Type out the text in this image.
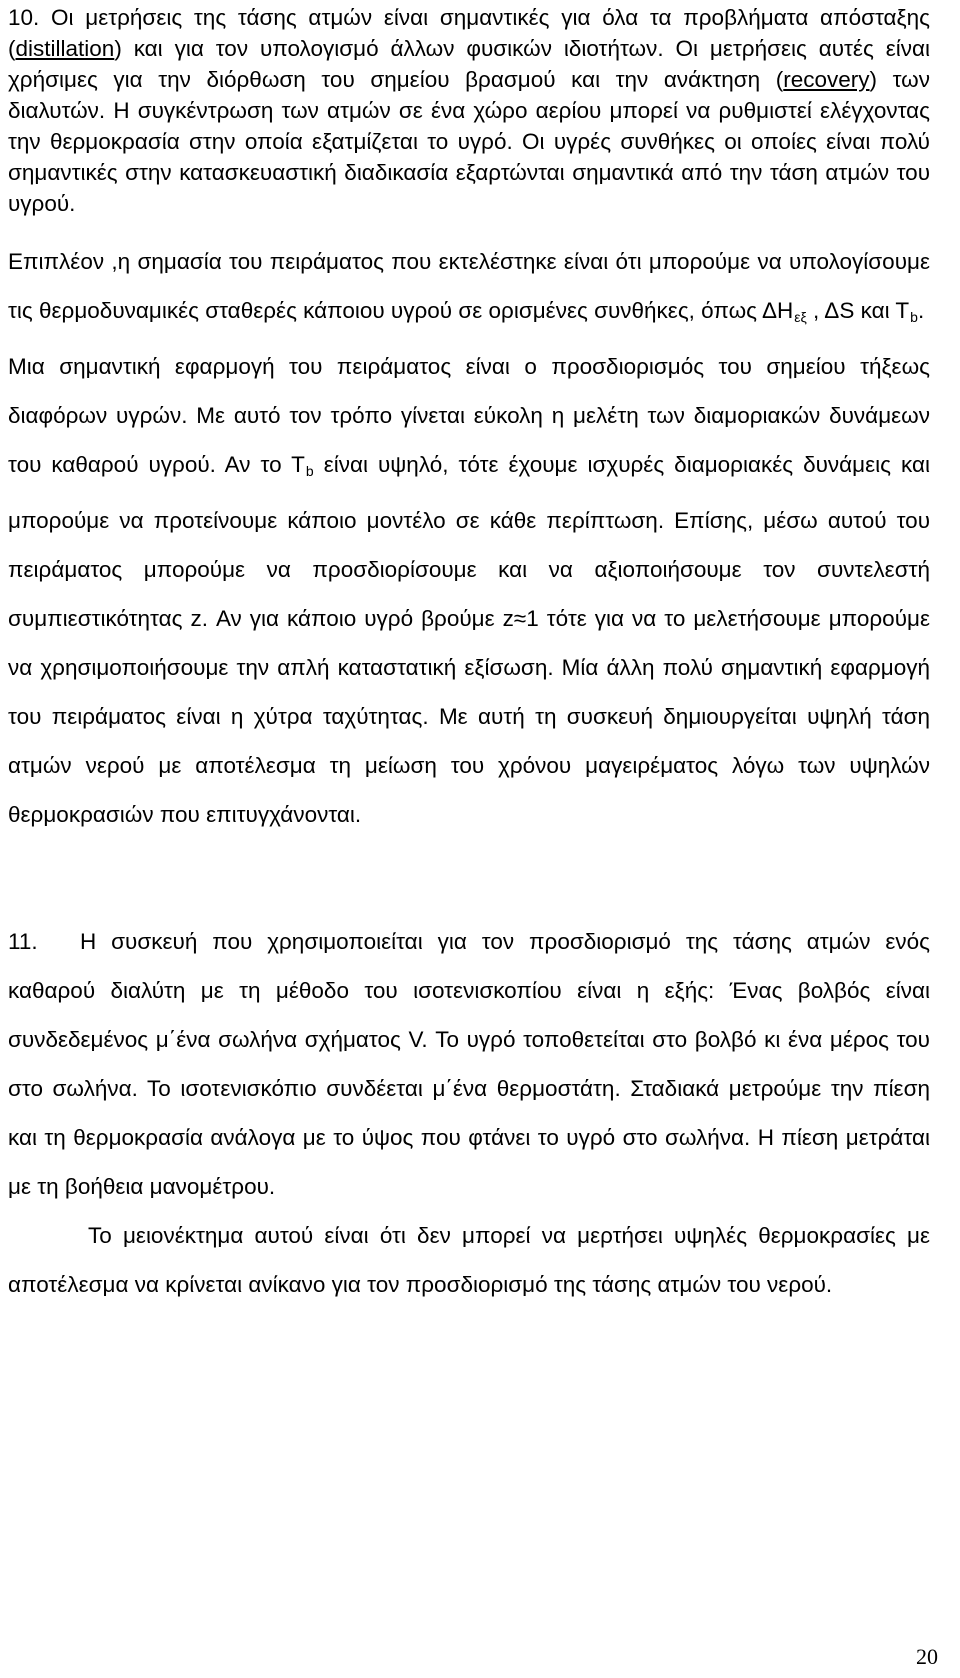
10. Οι μετρήσεις της τάσης ατμών είναι σημαντικές για όλα τα προβλήματα απόσταξης (distillation) και για τον υπολογισμό άλλων φυσικών ιδιοτήτων. Οι μετρήσεις αυτές είναι χρήσιμες για την διόρθωση του σημείου βρασμού και την ανάκτηση (recovery) των διαλυτών. Η συγκέντρωση των ατμών σε ένα χώρο αερίου μπορεί να ρυθμιστεί ελέγχοντας την θερμοκρασία στην οποία εξατμίζεται το υγρό. Οι υγρές συνθήκες οι οποίες είναι πολύ σημαντικές στην κατασκευαστική διαδικασία εξαρτώνται σημαντικά από την τάση ατμών του υγρού.

Επιπλέον ,η σημασία του πειράματος που εκτελέστηκε είναι ότι μπορούμε να υπολογίσουμε τις θερμοδυναμικές σταθερές κάποιου υγρού σε ορισμένες συνθήκες, όπως $\Delta H_{\varepsilon\xi}$ , ΔS και $T_b$.
Μια σημαντική εφαρμογή του πειράματος είναι ο προσδιορισμός του σημείου τήξεως διαφόρων υγρών. Με αυτό τον τρόπο γίνεται εύκολη η μελέτη των διαμοριακών δυνάμεων του καθαρού υγρού. Αν το $T_b$ είναι υψηλό, τότε έχουμε ισχυρές διαμοριακές δυνάμεις και μπορούμε να προτείνουμε κάποιο μοντέλο σε κάθε περίπτωση. Επίσης, μέσω αυτού του πειράματος μπορούμε να προσδιορίσουμε και να αξιοποιήσουμε τον συντελεστή συμπιεστικότητας z. Αν για κάποιο υγρό βρούμε z≈1 τότε για να το μελετήσουμε μπορούμε να χρησιμοποιήσουμε την απλή καταστατική εξίσωση. Μία άλλη πολύ σημαντική εφαρμογή του πειράματος είναι η χύτρα ταχύτητας. Με αυτή τη συσκευή δημιουργείται υψηλή τάση ατμών νερού με αποτέλεσμα τη μείωση του χρόνου μαγειρέματος λόγω των υψηλών θερμοκρασιών που επιτυγχάνονται.

11. Η συσκευή που χρησιμοποιείται για τον προσδιορισμό της τάσης ατμών ενός καθαρού διαλύτη με τη μέθοδο του ισοτενισκοπίου είναι η εξής: Ένας βολβός είναι συνδεδεμένος μ΄ένα σωλήνα σχήματος V. Το υγρό τοποθετείται στο βολβό κι ένα μέρος του στο σωλήνα. Το ισοτενισκόπιο συνδέεται μ΄ένα θερμοστάτη. Σταδιακά μετρούμε την πίεση και τη θερμοκρασία ανάλογα με το ύψος που φτάνει το υγρό στο σωλήνα. Η πίεση μετράται με τη βοήθεια μανομέτρου.

Το μειονέκτημα αυτού είναι ότι δεν μπορεί να μερτήσει υψηλές θερμοκρασίες με αποτέλεσμα να κρίνεται ανίκανο για τον προσδιορισμό της τάσης ατμών του νερού.

20
